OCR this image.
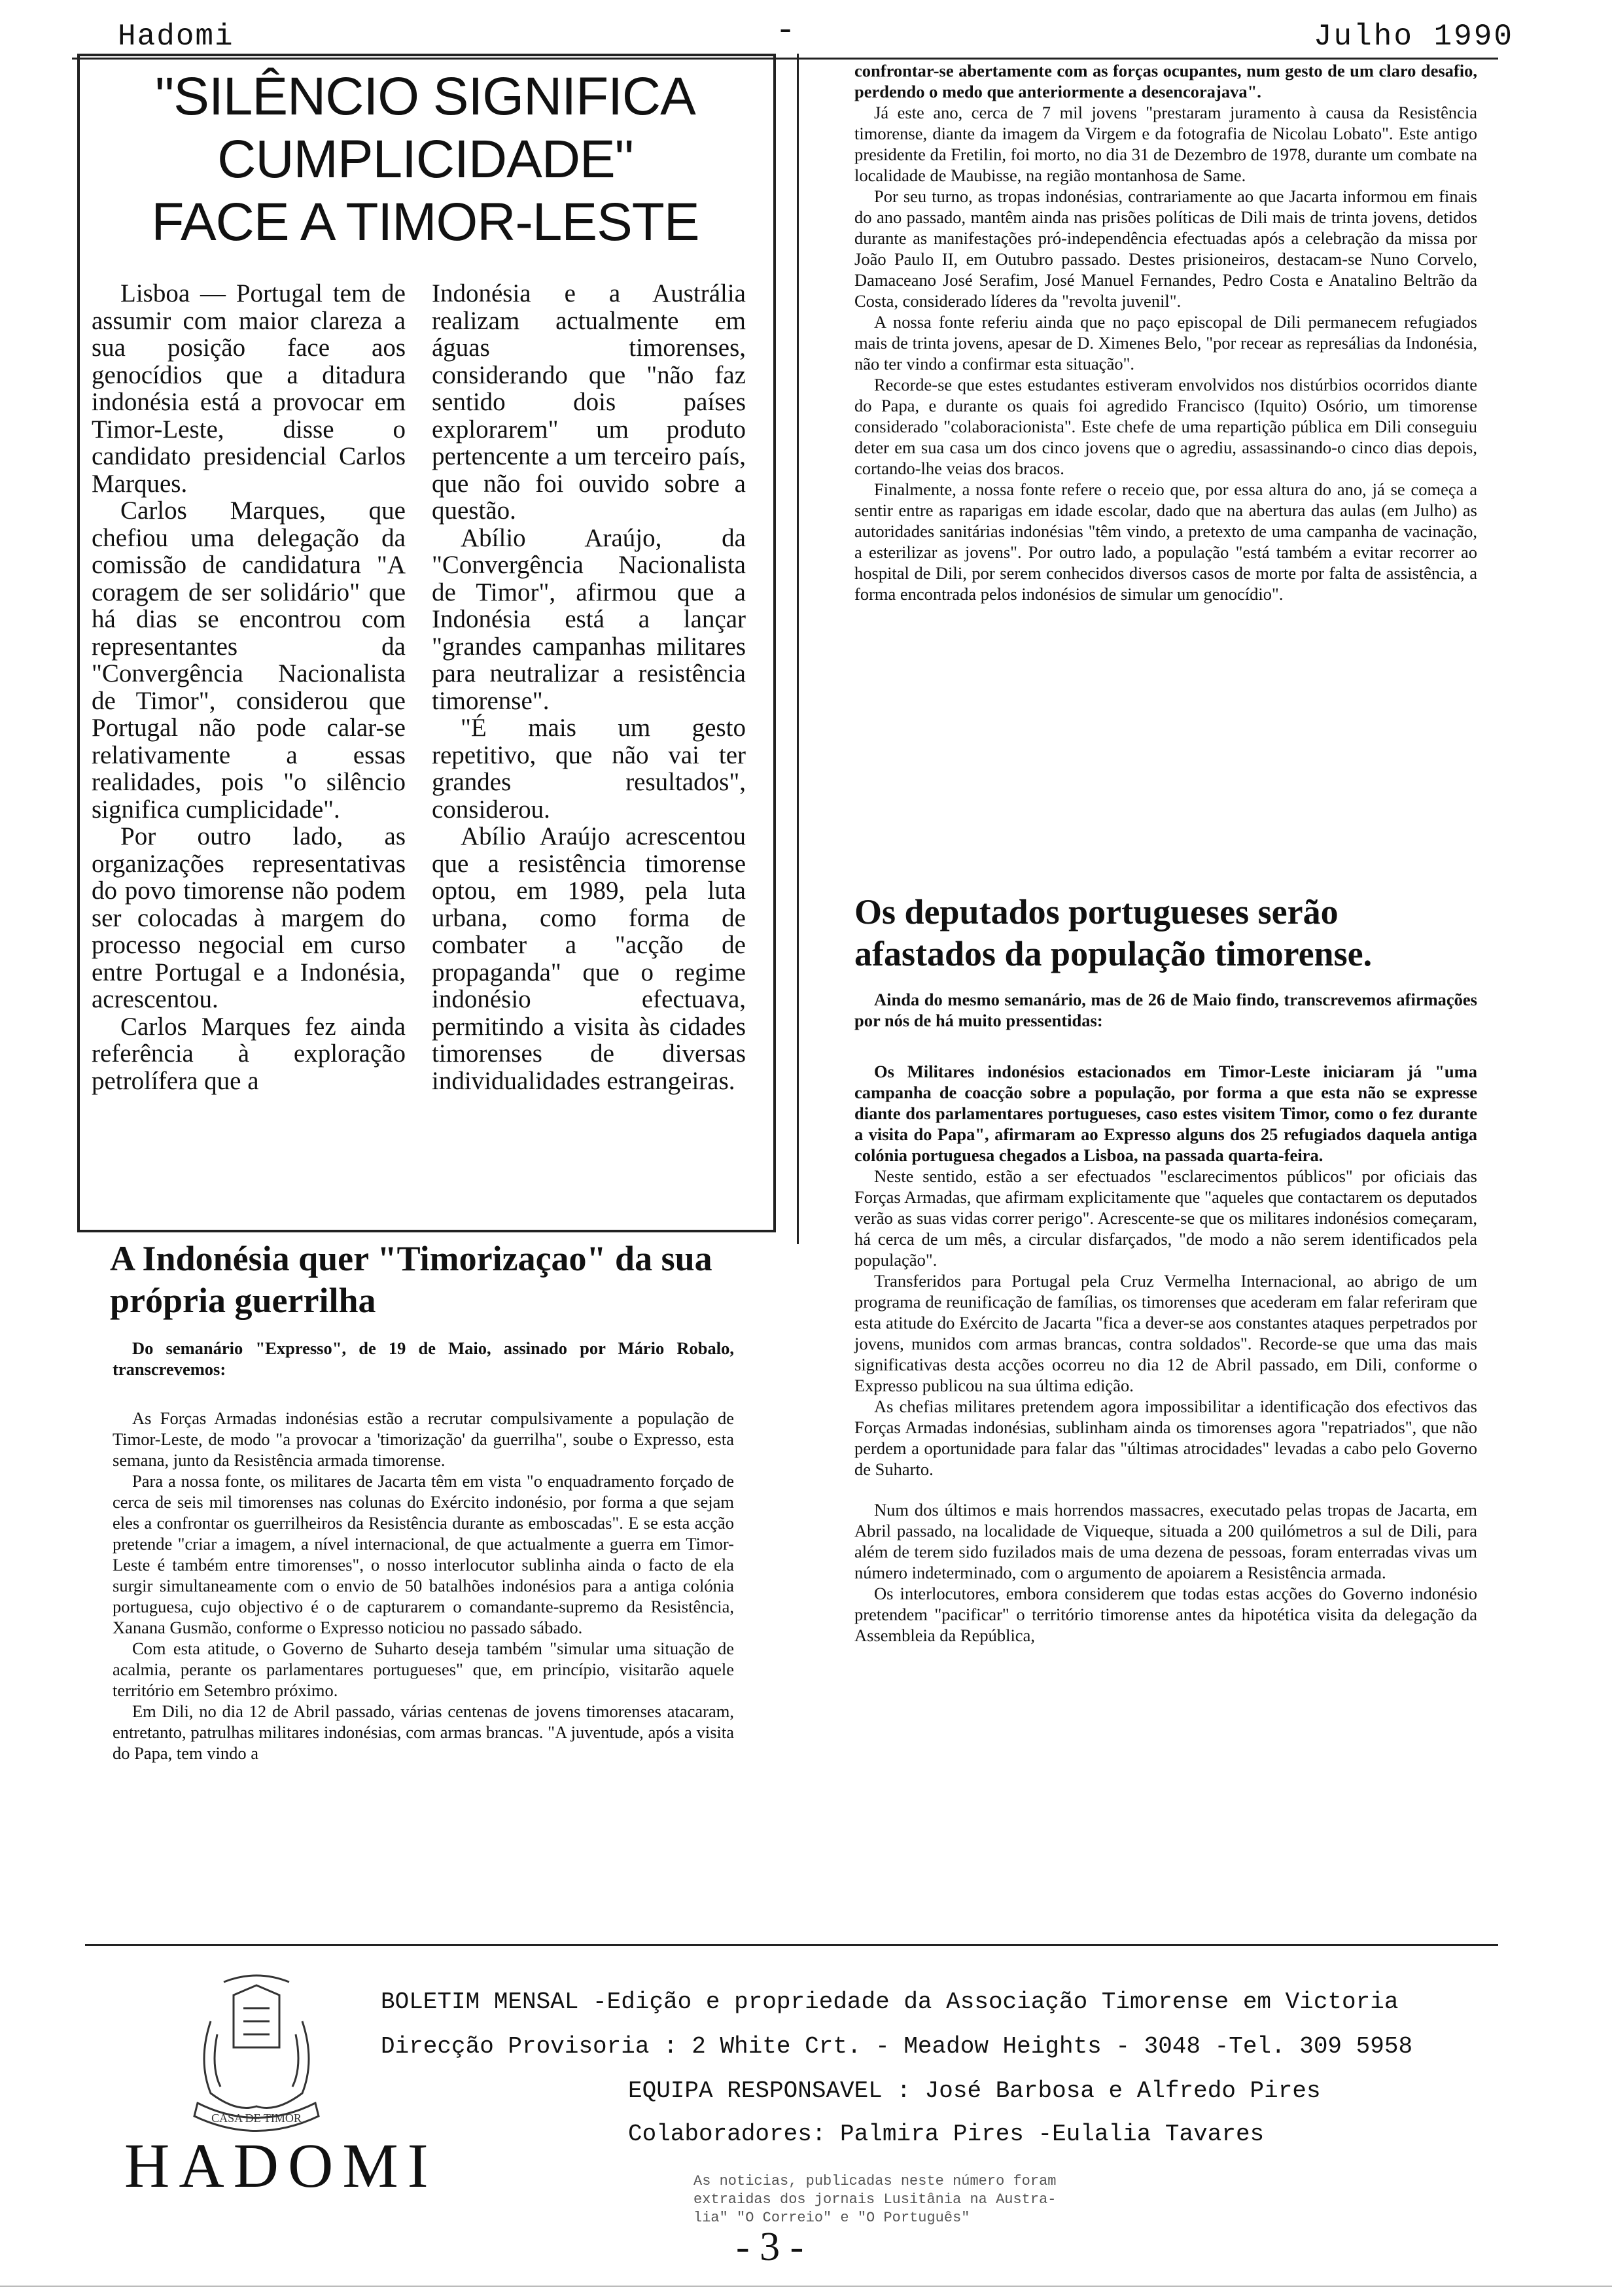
Hadomi	-	Julho 1990
"SILÊNCIO SIGNIFICA
CUMPLICIDADE"
FACE A TIMOR-LESTE

Lisboa — Portugal tem de assumir com maior clareza a sua posição face aos genocídios que a ditadura indonésia está a provocar em Timor-Leste, disse o candidato presidencial Carlos Marques.

Carlos Marques, que chefiou uma delegação da comissão de candidatura "A coragem de ser solidário" que há dias se encontrou com representantes da "Convergência Nacionalista de Timor", considerou que Portugal não pode calar-se relativamente a essas realidades, pois "o silêncio significa cumplicidade".

Por outro lado, as organizações representativas do povo timorense não podem ser colocadas à margem do processo negocial em curso entre Portugal e a Indonésia, acrescentou.

Carlos Marques fez ainda referência à exploração petrolífera que a

Indonésia e a Austrália realizam actualmente em águas timorenses, considerando que "não faz sentido dois países explorarem" um produto pertencente a um terceiro país, que não foi ouvido sobre a questão.

Abílio Araújo, da "Convergência Nacionalista de Timor", afirmou que a Indonésia está a lançar "grandes campanhas militares para neutralizar a resistência timorense".

"É mais um gesto repetitivo, que não vai ter grandes resultados", considerou.

Abílio Araújo acrescentou que a resistência timorense optou, em 1989, pela luta urbana, como forma de combater a "acção de propaganda" que o regime indonésio efectuava, permitindo a visita às cidades timorenses de diversas individualidades estrangeiras.

confrontar-se abertamente com as forças ocupantes, num gesto de um claro desafio, perdendo o medo que anteriormente a desencorajava".

Já este ano, cerca de 7 mil jovens "prestaram juramento à causa da Resistência timorense, diante da imagem da Virgem e da fotografia de Nicolau Lobato". Este antigo presidente da Fretilin, foi morto, no dia 31 de Dezembro de 1978, durante um combate na localidade de Maubisse, na região montanhosa de Same.

Por seu turno, as tropas indonésias, contrariamente ao que Jacarta informou em finais do ano passado, mantêm ainda nas prisões políticas de Dili mais de trinta jovens, detidos durante as manifestações pró-independência efectuadas após a celebração da missa por João Paulo II, em Outubro passado. Destes prisioneiros, destacam-se Nuno Corvelo, Damaceano José Serafim, José Manuel Fernandes, Pedro Costa e Anatalino Beltrão da Costa, considerado líderes da "revolta juvenil".

A nossa fonte referiu ainda que no paço episcopal de Dili permanecem refugiados mais de trinta jovens, apesar de D. Ximenes Belo, "por recear as represálias da Indonésia, não ter vindo a confirmar esta situação".

Recorde-se que estes estudantes estiveram envolvidos nos distúrbios ocorridos diante do Papa, e durante os quais foi agredido Francisco (Iquito) Osório, um timorense considerado "colaboracionista". Este chefe de uma repartição pública em Dili conseguiu deter em sua casa um dos cinco jovens que o agrediu, assassinando-o cinco dias depois, cortando-lhe veias dos bracos.

Finalmente, a nossa fonte refere o receio que, por essa altura do ano, já se começa a sentir entre as raparigas em idade escolar, dado que na abertura das aulas (em Julho) as autoridades sanitárias indonésias "têm vindo, a pretexto de uma campanha de vacinação, a esterilizar as jovens". Por outro lado, a população "está também a evitar recorrer ao hospital de Dili, por serem conhecidos diversos casos de morte por falta de assistência, a forma encontrada pelos indonésios de simular um genocídio".

Os deputados portugueses serão afastados da população timorense.

Ainda do mesmo semanário, mas de 26 de Maio findo, transcrevemos afirmações por nós de há muito pressentidas:

Os Militares indonésios estacionados em Timor-Leste iniciaram já "uma campanha de coacção sobre a população, por forma a que esta não se expresse diante dos parlamentares portugueses, caso estes visitem Timor, como o fez durante a visita do Papa", afirmaram ao Expresso alguns dos 25 refugiados daquela antiga colónia portuguesa chegados a Lisboa, na passada quarta-feira.

Neste sentido, estão a ser efectuados "esclarecimentos públicos" por oficiais das Forças Armadas, que afirmam explicitamente que "aqueles que contactarem os deputados verão as suas vidas correr perigo". Acrescente-se que os militares indonésios começaram, há cerca de um mês, a circular disfarçados, "de modo a não serem identificados pela população".

Transferidos para Portugal pela Cruz Vermelha Internacional, ao abrigo de um programa de reunificação de famílias, os timorenses que acederam em falar referiram que esta atitude do Exército de Jacarta "fica a dever-se aos constantes ataques perpetrados por jovens, munidos com armas brancas, contra soldados". Recorde-se que uma das mais significativas desta acções ocorreu no dia 12 de Abril passado, em Dili, conforme o Expresso publicou na sua última edição.

As chefias militares pretendem agora impossibilitar a identificação dos efectivos das Forças Armadas indonésias, sublinham ainda os timorenses agora "repatriados", que não perdem a oportunidade para falar das "últimas atrocidades" levadas a cabo pelo Governo de Suharto.

Num dos últimos e mais horrendos massacres, executado pelas tropas de Jacarta, em Abril passado, na localidade de Viqueque, situada a 200 quilómetros a sul de Dili, para além de terem sido fuzilados mais de uma dezena de pessoas, foram enterradas vivas um número indeterminado, com o argumento de apoiarem a Resistência armada.

Os interlocutores, embora considerem que todas estas acções do Governo indonésio pretendem "pacificar" o território timorense antes da hipotética visita da delegação da Assembleia da República,

A Indonésia quer "Timorizaçao" da sua própria guerrilha

Do semanário "Expresso", de 19 de Maio, assinado por Mário Robalo, transcrevemos:

As Forças Armadas indonésias estão a recrutar compulsivamente a população de Timor-Leste, de modo "a provocar a 'timorização' da guerrilha", soube o Expresso, esta semana, junto da Resistência armada timorense.

Para a nossa fonte, os militares de Jacarta têm em vista "o enquadramento forçado de cerca de seis mil timorenses nas colunas do Exército indonésio, por forma a que sejam eles a confrontar os guerrilheiros da Resistência durante as emboscadas". E se esta acção pretende "criar a imagem, a nível internacional, de que actualmente a guerra em Timor-Leste é também entre timorenses", o nosso interlocutor sublinha ainda o facto de ela surgir simultaneamente com o envio de 50 batalhões indonésios para a antiga colónia portuguesa, cujo objectivo é o de capturarem o comandante-supremo da Resistência, Xanana Gusmão, conforme o Expresso noticiou no passado sábado.

Com esta atitude, o Governo de Suharto deseja também "simular uma situação de acalmia, perante os parlamentares portugueses" que, em princípio, visitarão aquele território em Setembro próximo.

Em Dili, no dia 12 de Abril passado, várias centenas de jovens timorenses atacaram, entretanto, patrulhas militares indonésias, com armas brancas. "A juventude, após a visita do Papa, tem vindo a

CASA DE TIMOR
HADOMI
BOLETIM MENSAL -Edição e propriedade da Associação Timorense em Victoria
Direcção Provisoria : 2 White Crt. - Meadow Heights - 3048 -Tel. 309 5958
EQUIPA RESPONSAVEL : José Barbosa e Alfredo Pires
Colaboradores: Palmira Pires -Eulalia Tavares
As noticias, publicadas neste número foram
extraidas dos jornais Lusitânia na Austra-
lia" "O Correio" e "O Português"
- 3 -
